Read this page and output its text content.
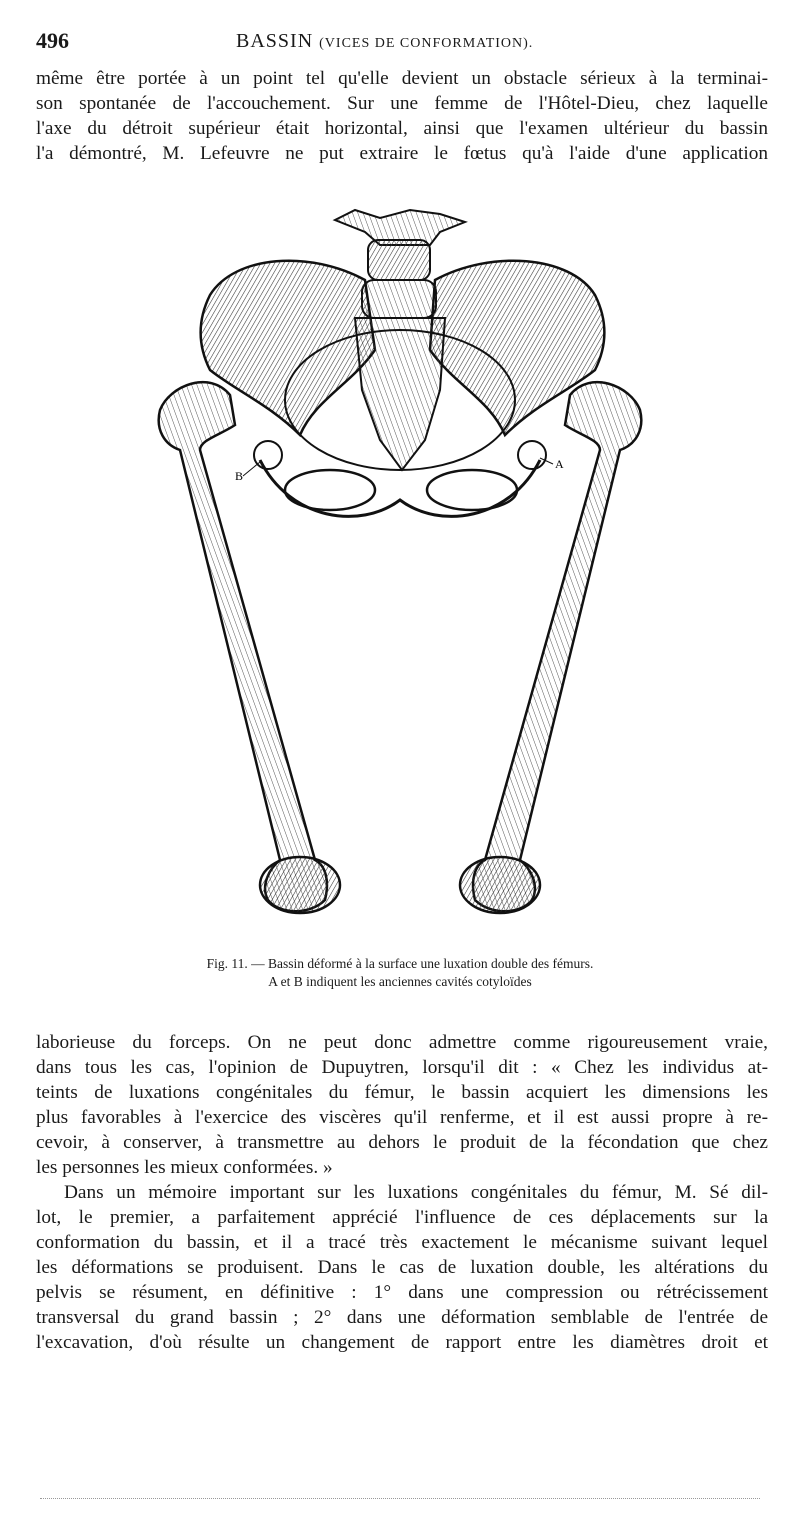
496	BASSIN (VICES DE CONFORMATION).
même être portée à un point tel qu'elle devient un obstacle sérieux à la terminai-
son spontanée de l'accouchement. Sur une femme de l'Hôtel-Dieu, chez laquelle
l'axe du détroit supérieur était horizontal, ainsi que l'examen ultérieur du bassin
l'a démontré, M. Lefeuvre ne put extraire le fœtus qu'à l'aide d'une application
B
A
Fig. 11. — Bassin déformé à la surface une luxation double des fémurs.
A et B indiquent les anciennes cavités cotyloïdes
laborieuse du forceps. On ne peut donc admettre comme rigoureusement vraie,
dans tous les cas, l'opinion de Dupuytren, lorsqu'il dit : « Chez les individus at-
teints de luxations congénitales du fémur, le bassin acquiert les dimensions les
plus favorables à l'exercice des viscères qu'il renferme, et il est aussi propre à re-
cevoir, à conserver, à transmettre au dehors le produit de la fécondation que chez
les personnes les mieux conformées. »
Dans un mémoire important sur les luxations congénitales du fémur, M. Sé dil-
lot, le premier, a parfaitement apprécié l'influence de ces déplacements sur la
conformation du bassin, et il a tracé très exactement le mécanisme suivant lequel
les déformations se produisent. Dans le cas de luxation double, les altérations du
pelvis se résument, en définitive : 1° dans une compression ou rétrécissement
transversal du grand bassin ; 2° dans une déformation semblable de l'entrée de
l'excavation, d'où résulte un changement de rapport entre les diamètres droit et
